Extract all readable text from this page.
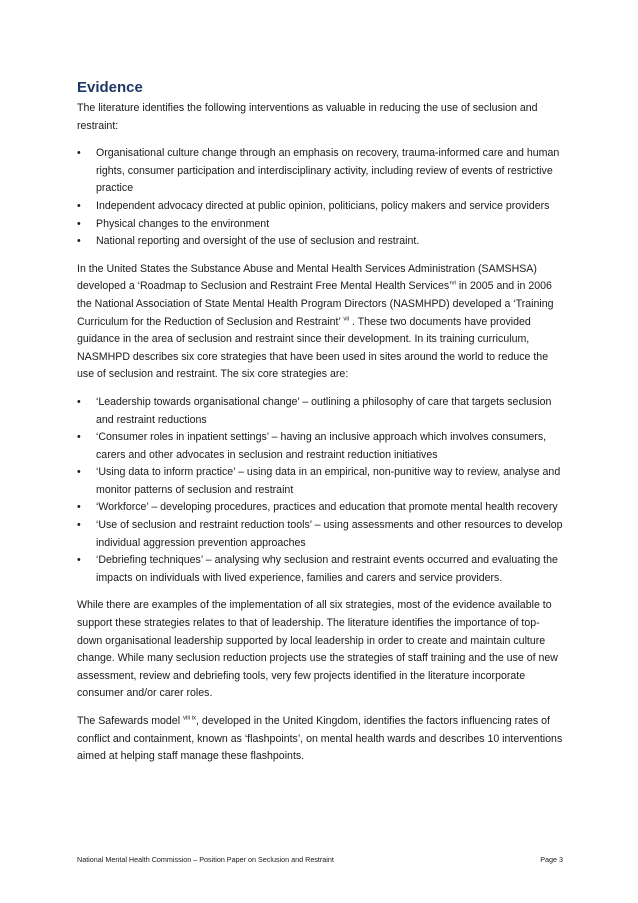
Evidence

The literature identifies the following interventions as valuable in reducing the use of seclusion and restraint:

• Organisational culture change through an emphasis on recovery, trauma-informed care and human rights, consumer participation and interdisciplinary activity, including review of events of restrictive practice
• Independent advocacy directed at public opinion, politicians, policy makers and service providers
• Physical changes to the environment
• National reporting and oversight of the use of seclusion and restraint.

In the United States the Substance Abuse and Mental Health Services Administration (SAMSHSA) developed a ‘Roadmap to Seclusion and Restraint Free Mental Health Services’$^{vi}$ in 2005 and in 2006 the National Association of State Mental Health Program Directors (NASMHPD) developed a ‘Training Curriculum for the Reduction of Seclusion and Restraint’ $^{vii}$ . These two documents have provided guidance in the area of seclusion and restraint since their development. In its training curriculum, NASMHPD describes six core strategies that have been used in sites around the world to reduce the use of seclusion and restraint. The six core strategies are:

• ‘Leadership towards organisational change’ – outlining a philosophy of care that targets seclusion and restraint reductions
• ‘Consumer roles in inpatient settings’ – having an inclusive approach which involves consumers, carers and other advocates in seclusion and restraint reduction initiatives
• ‘Using data to inform practice’ – using data in an empirical, non-punitive way to review, analyse and monitor patterns of seclusion and restraint
• ‘Workforce’ – developing procedures, practices and education that promote mental health recovery
• ‘Use of seclusion and restraint reduction tools’ – using assessments and other resources to develop individual aggression prevention approaches
• ‘Debriefing techniques’ – analysing why seclusion and restraint events occurred and evaluating the impacts on individuals with lived experience, families and carers and service providers.

While there are examples of the implementation of all six strategies, most of the evidence available to support these strategies relates to that of leadership. The literature identifies the importance of top-down organisational leadership supported by local leadership in order to create and maintain culture change. While many seclusion reduction projects use the strategies of staff training and the use of new assessment, review and debriefing tools, very few projects identified in the literature incorporate consumer and/or carer roles.

The Safewards model $^{viii ix}$, developed in the United Kingdom, identifies the factors influencing rates of conflict and containment, known as ‘flashpoints’, on mental health wards and describes 10 interventions aimed at helping staff manage these flashpoints.

National Mental Health Commission – Position Paper on Seclusion and Restraint	Page 3
